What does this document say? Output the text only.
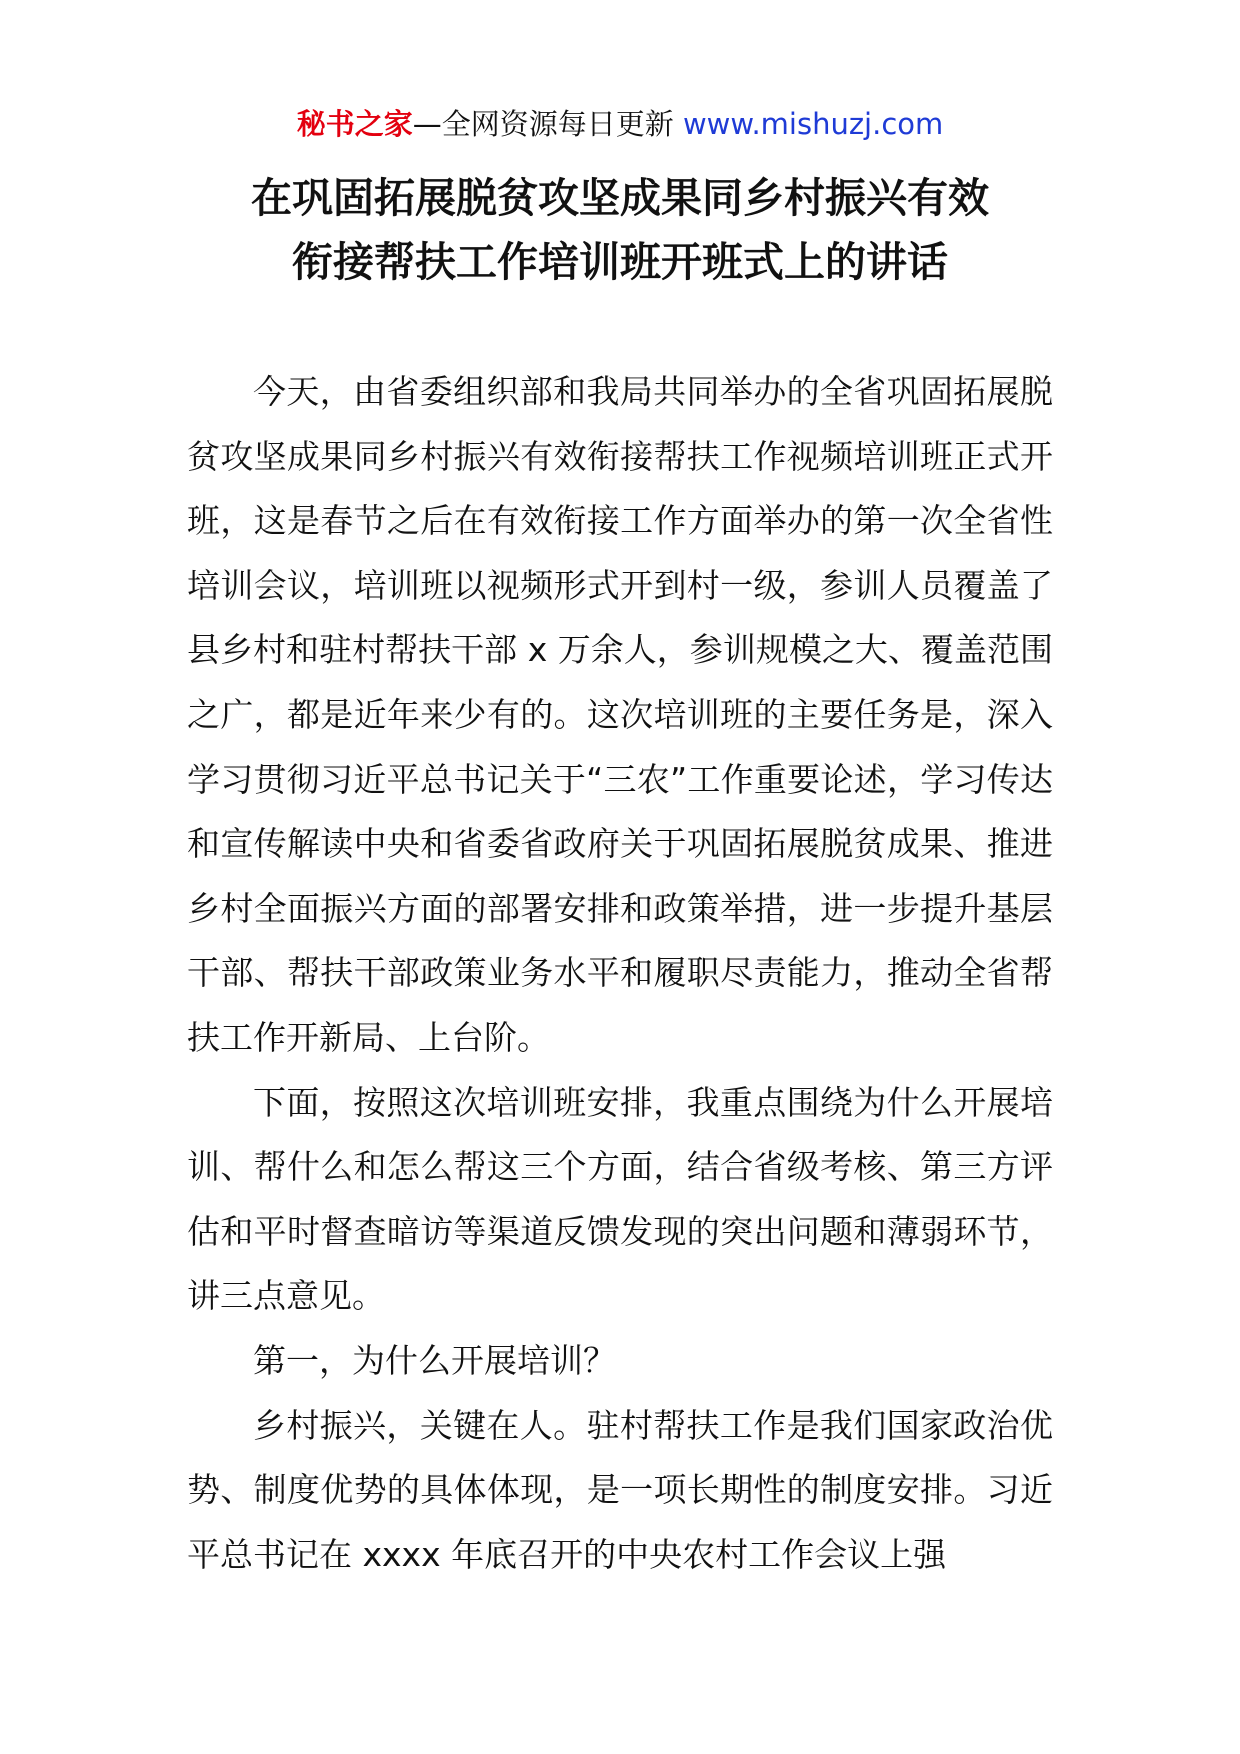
秘书之家—全网资源每日更新 www.mishuzj.com
在巩固拓展脱贫攻坚成果同乡村振兴有效
衔接帮扶工作培训班开班式上的讲话

今天，由省委组织部和我局共同举办的全省巩固拓展脱贫攻坚成果同乡村振兴有效衔接帮扶工作视频培训班正式开班，这是春节之后在有效衔接工作方面举办的第一次全省性培训会议，培训班以视频形式开到村一级，参训人员覆盖了县乡村和驻村帮扶干部 x 万余人，参训规模之大、覆盖范围之广，都是近年来少有的。这次培训班的主要任务是，深入学习贯彻习近平总书记关于“三农”工作重要论述，学习传达和宣传解读中央和省委省政府关于巩固拓展脱贫成果、推进乡村全面振兴方面的部署安排和政策举措，进一步提升基层干部、帮扶干部政策业务水平和履职尽责能力，推动全省帮扶工作开新局、上台阶。

下面，按照这次培训班安排，我重点围绕为什么开展培训、帮什么和怎么帮这三个方面，结合省级考核、第三方评估和平时督查暗访等渠道反馈发现的突出问题和薄弱环节，讲三点意见。

第一，为什么开展培训？

乡村振兴，关键在人。驻村帮扶工作是我们国家政治优势、制度优势的具体体现，是一项长期性的制度安排。习近平总书记在 xxxx 年底召开的中央农村工作会议上强
